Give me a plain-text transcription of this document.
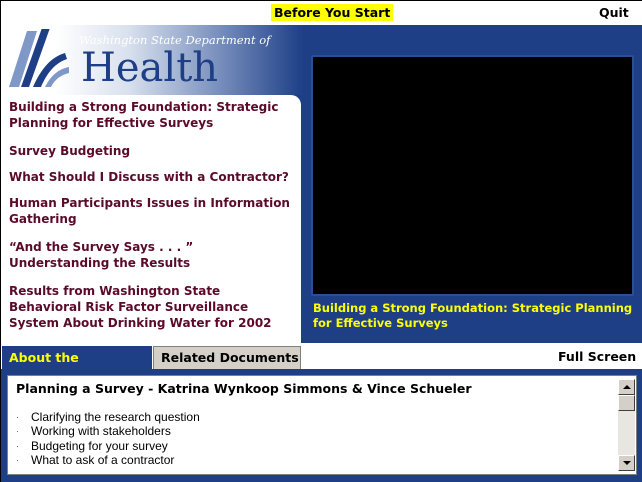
Before You Start	Quit
Washington State Department of
Health
Building a Strong Foundation: Strategic Planning for Effective Surveys
Survey Budgeting
What Should I Discuss with a Contractor?
Human Participants Issues in Information Gathering
“And the Survey Says . . . ” Understanding the Results
Results from Washington State Behavioral Risk Factor Surveillance System About Drinking Water for 2002
Building a Strong Foundation: Strategic Planning for Effective Surveys
About the	Related Documents	Full Screen
Planning a Survey - Katrina Wynkoop Simmons & Vince Schueler
· Clarifying the research question
· Working with stakeholders
· Budgeting for your survey
· What to ask of a contractor
